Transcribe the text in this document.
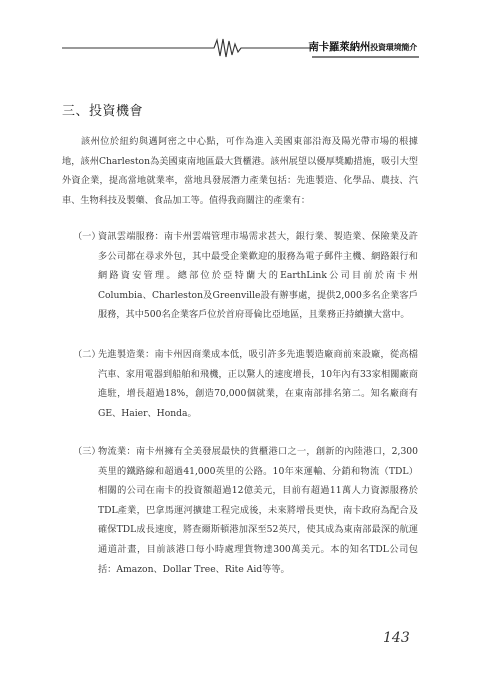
南卡羅萊納州投資環境簡介
三、投資機會
該州位於紐約與邁阿密之中心點，可作為進入美國東部沿海及陽光帶市場的根據地，該州Charleston為美國東南地區最大貨櫃港。該州展望以優厚獎勵措施，吸引大型外資企業，提高當地就業率，當地具發展潛力產業包括：先進製造、化學品、農技、汽車、生物科技及製藥、食品加工等。值得我商關注的產業有：
（一）
資訊雲端服務：南卡州雲端管理市場需求甚大，銀行業、製造業、保險業及許多公司都在尋求外包，其中最受企業歡迎的服務為電子郵件主機、網路銀行和網路資安管理。總部位於亞特蘭大的EarthLink公司目前於南卡州Columbia、Charleston及Greenville設有辦事處，提供2,000多名企業客戶服務，其中500名企業客戶位於首府哥倫比亞地區，且業務正持續擴大當中。
（二）
先進製造業：南卡州因商業成本低，吸引許多先進製造廠商前來設廠，從高檔汽車、家用電器到船舶和飛機，正以驚人的速度增長，10年內有33家相關廠商進駐，增長超過18%，創造70,000個就業，在東南部排名第二。知名廠商有GE、Haier、Honda。
（三）
物流業：南卡州擁有全美發展最快的貨櫃港口之一，創新的內陸港口，2,300英里的鐵路線和超過41,000英里的公路。10年來運輸、分銷和物流（TDL）相關的公司在南卡的投資額超過12億美元，目前有超過11萬人力資源服務於TDL產業，巴拿馬運河擴建工程完成後，未來將增長更快，南卡政府為配合及確保TDL成長速度，將查爾斯頓港加深至52英尺，使其成為東南部最深的航運通道計畫，目前該港口每小時處理貨物達300萬美元。本的知名TDL公司包括：Amazon、Dollar Tree、Rite Aid等等。
143
